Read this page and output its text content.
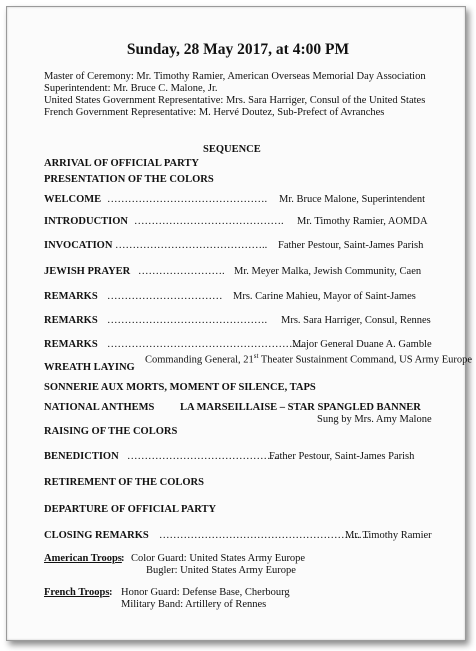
Sunday, 28 May 2017, at 4:00 PM
Master of Ceremony: Mr. Timothy Ramier, American Overseas Memorial Day Association
Superintendent: Mr. Bruce C. Malone, Jr.
United States Government Representative: Mrs. Sara Harriger, Consul of the United States
French Government Representative: M. Hervé Doutez, Sub-Prefect of Avranches
SEQUENCE
ARRIVAL OF OFFICIAL PARTY
PRESENTATION OF THE COLORS
WELCOME ………………………………………. Mr. Bruce Malone, Superintendent
INTRODUCTION ……………………………………. Mr. Timothy Ramier, AOMDA
INVOCATION …………………………………….. Father Pestour, Saint-James Parish
JEWISH PRAYER ……………………. Mr. Meyer Malka, Jewish Community, Caen
REMARKS …………………………… Mrs. Carine Mahieu, Mayor of Saint-James
REMARKS ………………………………………. Mrs. Sara Harriger, Consul, Rennes
REMARKS …………………………………………………
Major General Duane A. Gamble
Commanding General, 21st Theater Sustainment Command, US Army Europe
WREATH LAYING
SONNERIE AUX MORTS, MOMENT OF SILENCE, TAPS
NATIONAL ANTHEMS LA MARSEILLAISE – STAR SPANGLED BANNER
Sung by Mrs. Amy Malone
RAISING OF THE COLORS
BENEDICTION ……………………………………..
Father Pestour, Saint-James Parish
RETIREMENT OF THE COLORS
DEPARTURE OF OFFICIAL PARTY
CLOSING REMARKS ……………………………………………………
Mr. Timothy Ramier
American Troops : Color Guard: United States Army Europe
Bugler: United States Army Europe
French Troops : Honor Guard: Defense Base, Cherbourg
Military Band: Artillery of Rennes
